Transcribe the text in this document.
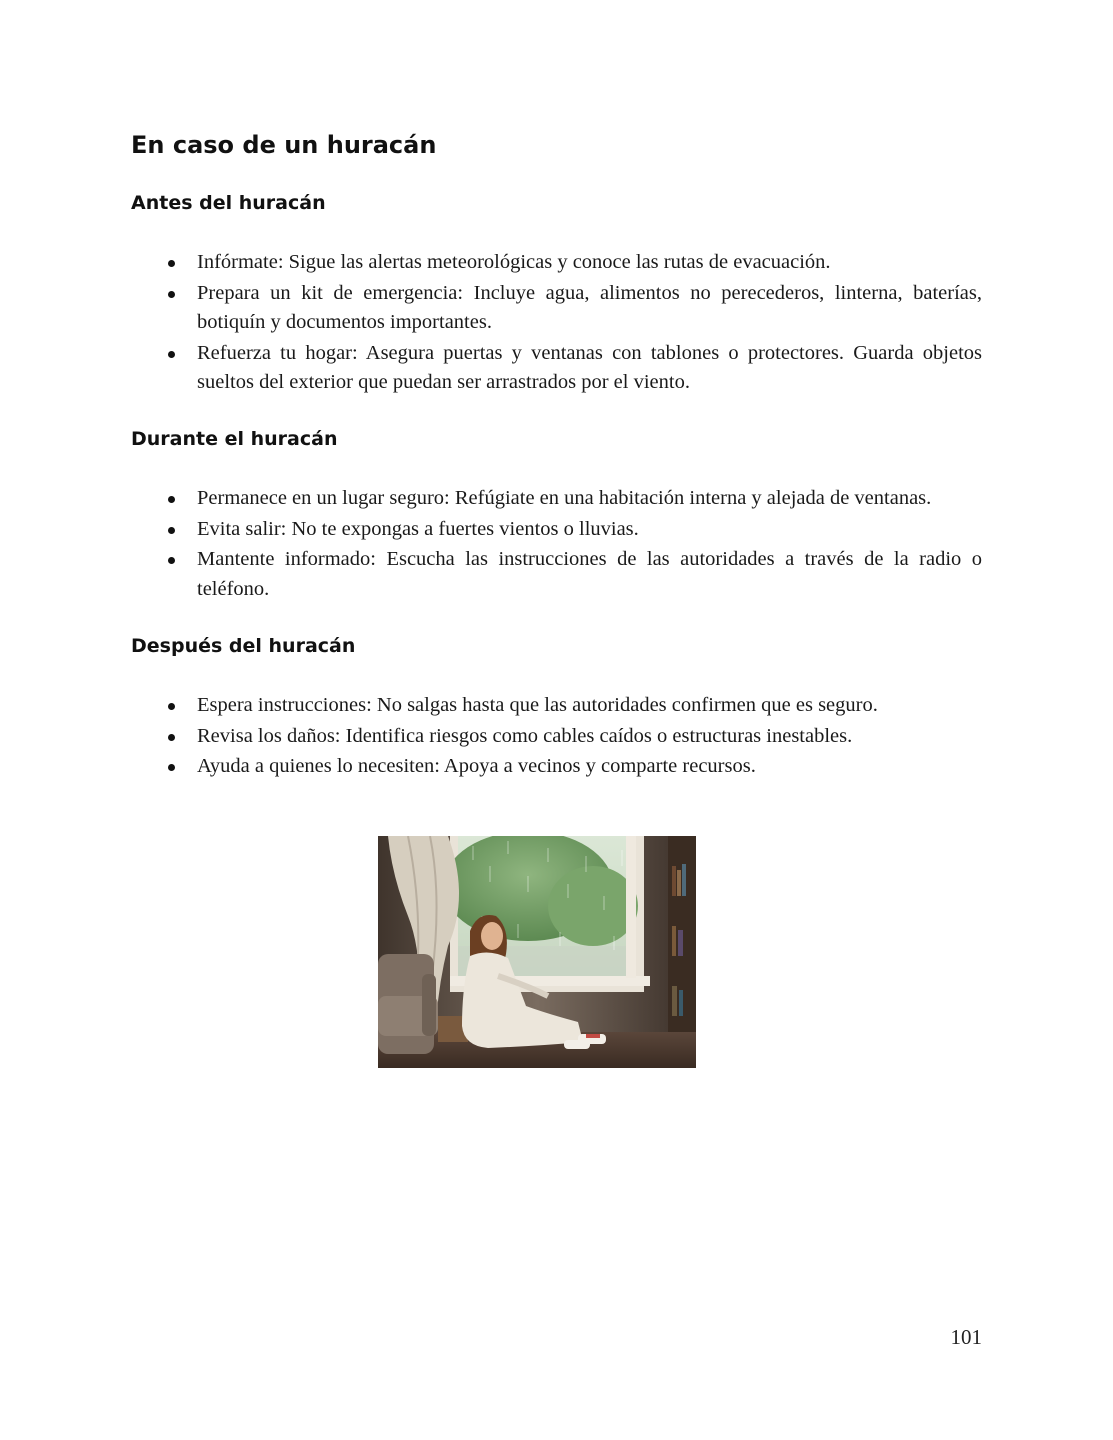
En caso de un huracán
Antes del huracán
Infórmate: Sigue las alertas meteorológicas y conoce las rutas de evacuación.
Prepara un kit de emergencia: Incluye agua, alimentos no perecederos, linterna, baterías, botiquín y documentos importantes.
Refuerza tu hogar: Asegura puertas y ventanas con tablones o protectores. Guarda objetos sueltos del exterior que puedan ser arrastrados por el viento.
Durante el huracán
Permanece en un lugar seguro: Refúgiate en una habitación interna y alejada de ventanas.
Evita salir: No te expongas a fuertes vientos o lluvias.
Mantente informado: Escucha las instrucciones de las autoridades a través de la radio o teléfono.
Después del huracán
Espera instrucciones: No salgas hasta que las autoridades confirmen que es seguro.
Revisa los daños: Identifica riesgos como cables caídos o estructuras inestables.
Ayuda a quienes lo necesiten: Apoya a vecinos y comparte recursos.
101
